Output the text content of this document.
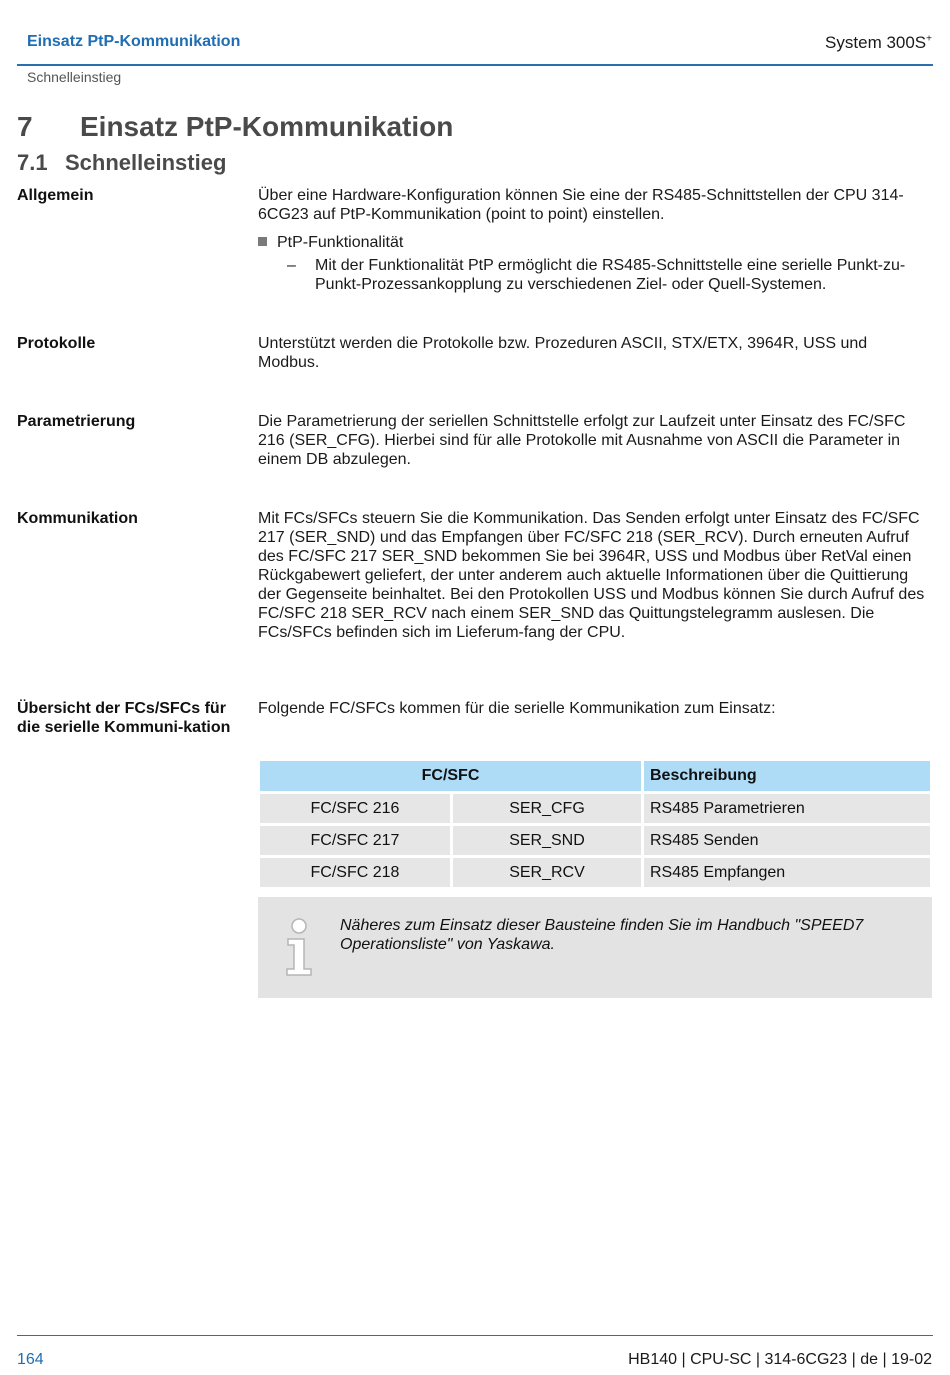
Einsatz PtP-Kommunikation	System 300S+
Schnelleinstieg
7 Einsatz PtP-Kommunikation
7.1 Schnelleinstieg
Allgemein	Über eine Hardware-Konfiguration können Sie eine der RS485-Schnittstellen der CPU 314-6CG23 auf PtP-Kommunikation (point to point) einstellen.
PtP-Funktionalität
– Mit der Funktionalität PtP ermöglicht die RS485-Schnittstelle eine serielle Punkt-zu-Punkt-Prozessankopplung zu verschiedenen Ziel- oder Quell-Systemen.
Protokolle	Unterstützt werden die Protokolle bzw. Prozeduren ASCII, STX/ETX, 3964R, USS und Modbus.
Parametrierung	Die Parametrierung der seriellen Schnittstelle erfolgt zur Laufzeit unter Einsatz des FC/SFC 216 (SER_CFG). Hierbei sind für alle Protokolle mit Ausnahme von ASCII die Parameter in einem DB abzulegen.
Kommunikation	Mit FCs/SFCs steuern Sie die Kommunikation. Das Senden erfolgt unter Einsatz des FC/SFC 217 (SER_SND) und das Empfangen über FC/SFC 218 (SER_RCV). Durch erneuten Aufruf des FC/SFC 217 SER_SND bekommen Sie bei 3964R, USS und Modbus über RetVal einen Rückgabewert geliefert, der unter anderem auch aktuelle Informationen über die Quittierung der Gegenseite beinhaltet. Bei den Protokollen USS und Modbus können Sie durch Aufruf des FC/SFC 218 SER_RCV nach einem SER_SND das Quittungstelegramm auslesen. Die FCs/SFCs befinden sich im Lieferum-fang der CPU.
Übersicht der FCs/SFCs für die serielle Kommuni-kation
Folgende FC/SFCs kommen für die serielle Kommunikation zum Einsatz:
FC/SFC		Beschreibung
FC/SFC 216	SER_CFG	RS485 Parametrieren
FC/SFC 217	SER_SND	RS485 Senden
FC/SFC 218	SER_RCV	RS485 Empfangen
Näheres zum Einsatz dieser Bausteine finden Sie im Handbuch "SPEED7 Operationsliste" von Yaskawa.
164	HB140 | CPU-SC | 314-6CG23 | de | 19-02
